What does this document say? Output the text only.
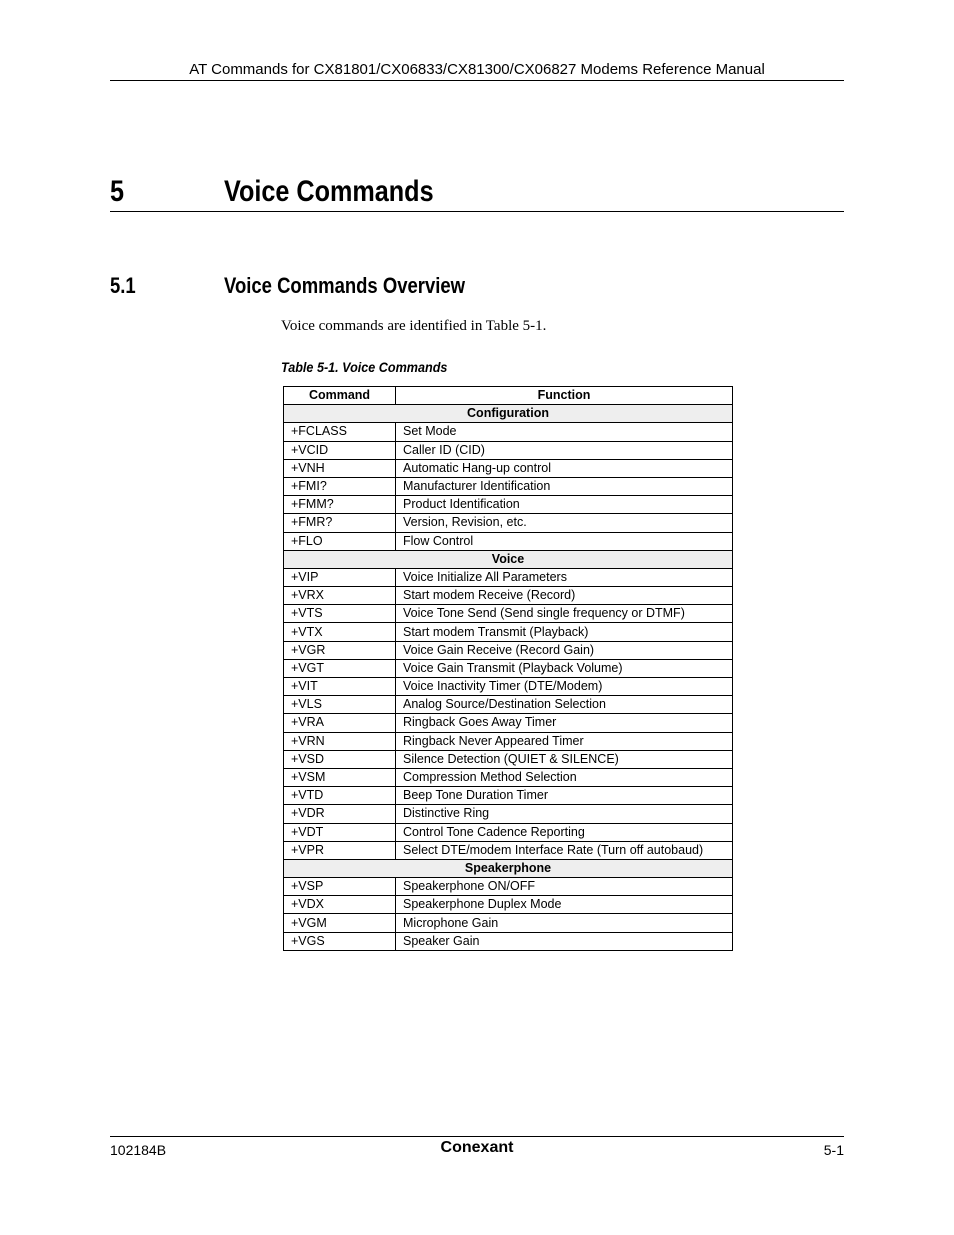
AT Commands for CX81801/CX06833/CX81300/CX06827 Modems Reference Manual
5	Voice Commands
5.1	Voice Commands Overview
Voice commands are identified in Table 5-1.
Table 5-1. Voice Commands
Command	Function
Configuration	
+FCLASS	Set Mode
+VCID	Caller ID (CID)
+VNH	Automatic Hang-up control
+FMI?	Manufacturer Identification
+FMM?	Product Identification
+FMR?	Version, Revision, etc.
+FLO	Flow Control
Voice	
+VIP	Voice Initialize All Parameters
+VRX	Start modem Receive (Record)
+VTS	Voice Tone Send (Send single frequency or DTMF)
+VTX	Start modem Transmit (Playback)
+VGR	Voice Gain Receive (Record Gain)
+VGT	Voice Gain Transmit (Playback Volume)
+VIT	Voice Inactivity Timer (DTE/Modem)
+VLS	Analog Source/Destination Selection
+VRA	Ringback Goes Away Timer
+VRN	Ringback Never Appeared Timer
+VSD	Silence Detection (QUIET & SILENCE)
+VSM	Compression Method Selection
+VTD	Beep Tone Duration Timer
+VDR	Distinctive Ring
+VDT	Control Tone Cadence Reporting
+VPR	Select DTE/modem Interface Rate (Turn off autobaud)
Speakerphone	
+VSP	Speakerphone ON/OFF
+VDX	Speakerphone Duplex Mode
+VGM	Microphone Gain
+VGS	Speaker Gain
102184B	Conexant	5-1
